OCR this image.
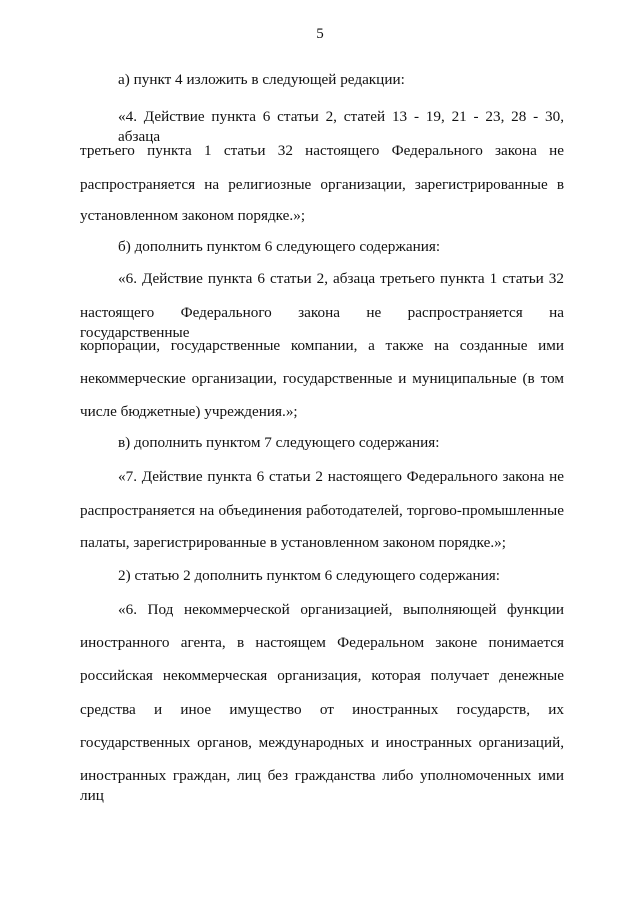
5
а) пункт 4 изложить в следующей редакции:
«4. Действие пункта 6 статьи 2, статей 13 - 19, 21 - 23, 28 - 30, абзаца
третьего пункта 1 статьи 32 настоящего Федерального закона не
распространяется на религиозные организации, зарегистрированные в
установленном законом порядке.»;
б) дополнить пунктом 6 следующего содержания:
«6. Действие пункта 6 статьи 2, абзаца третьего пункта 1 статьи 32
настоящего Федерального закона не распространяется на государственные
корпорации, государственные компании, а также на созданные ими
некоммерческие организации, государственные и муниципальные (в том
числе бюджетные) учреждения.»;
в) дополнить пунктом 7 следующего содержания:
«7. Действие пункта 6 статьи 2 настоящего Федерального закона не
распространяется на объединения работодателей, торгово-промышленные
палаты, зарегистрированные в установленном законом порядке.»;
2) статью 2 дополнить пунктом 6 следующего содержания:
«6. Под некоммерческой организацией, выполняющей функции
иностранного агента, в настоящем Федеральном законе понимается
российская некоммерческая организация, которая получает денежные
средства и иное имущество от иностранных государств, их
государственных органов, международных и иностранных организаций,
иностранных граждан, лиц без гражданства либо уполномоченных ими лиц
